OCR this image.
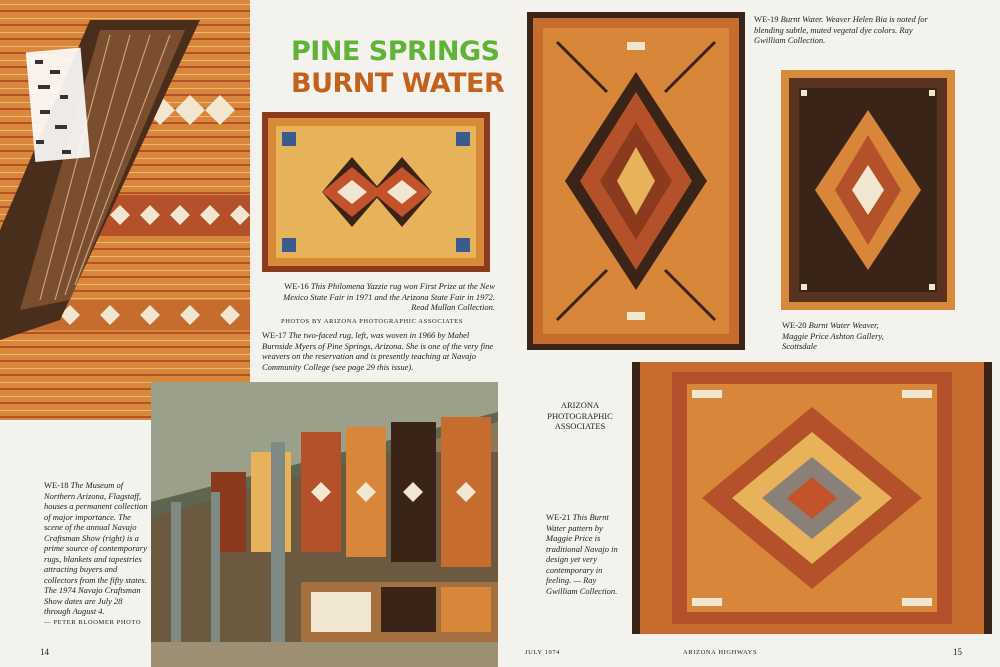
PINE SPRINGS
BURNT WATER
WE-16 This Philomena Yazzie rug won First Prize at the New Mexico State Fair in 1971 and the Arizona State Fair in 1972. Read Mullan Collection.
PHOTOS BY ARIZONA PHOTOGRAPHIC ASSOCIATES
WE-17 The two-faced rug, left, was woven in 1966 by Mabel Burnside Myers of Pine Springs, Arizona. She is one of the very fine weavers on the reservation and is presently teaching at Navajo Community College (see page 29 this issue).
WE-18 The Museum of Northern Arizona, Flagstaff, houses a permanent collection of major importance. The scene of the annual Navajo Craftsman Show (right) is a prime source of contemporary rugs, blankets and tapestries attracting buyers and collectors from the fifty states. The 1974 Navajo Craftsman Show dates are July 28 through August 4.
— PETER BLOOMER PHOTO
14
WE-19 Burnt Water. Weaver Helen Bia is noted for blending subtle, muted vegetal dye colors. Ray Gwilliam Collection.
WE-20 Burnt Water Weaver, Maggie Price Ashton Gallery, Scottsdale
ARIZONA PHOTOGRAPHIC ASSOCIATES
WE-21 This Burnt Water pattern by Maggie Price is traditional Navajo in design yet very contemporary in feeling. — Ray Gwilliam Collection.
JULY 1974	ARIZONA HIGHWAYS	15
